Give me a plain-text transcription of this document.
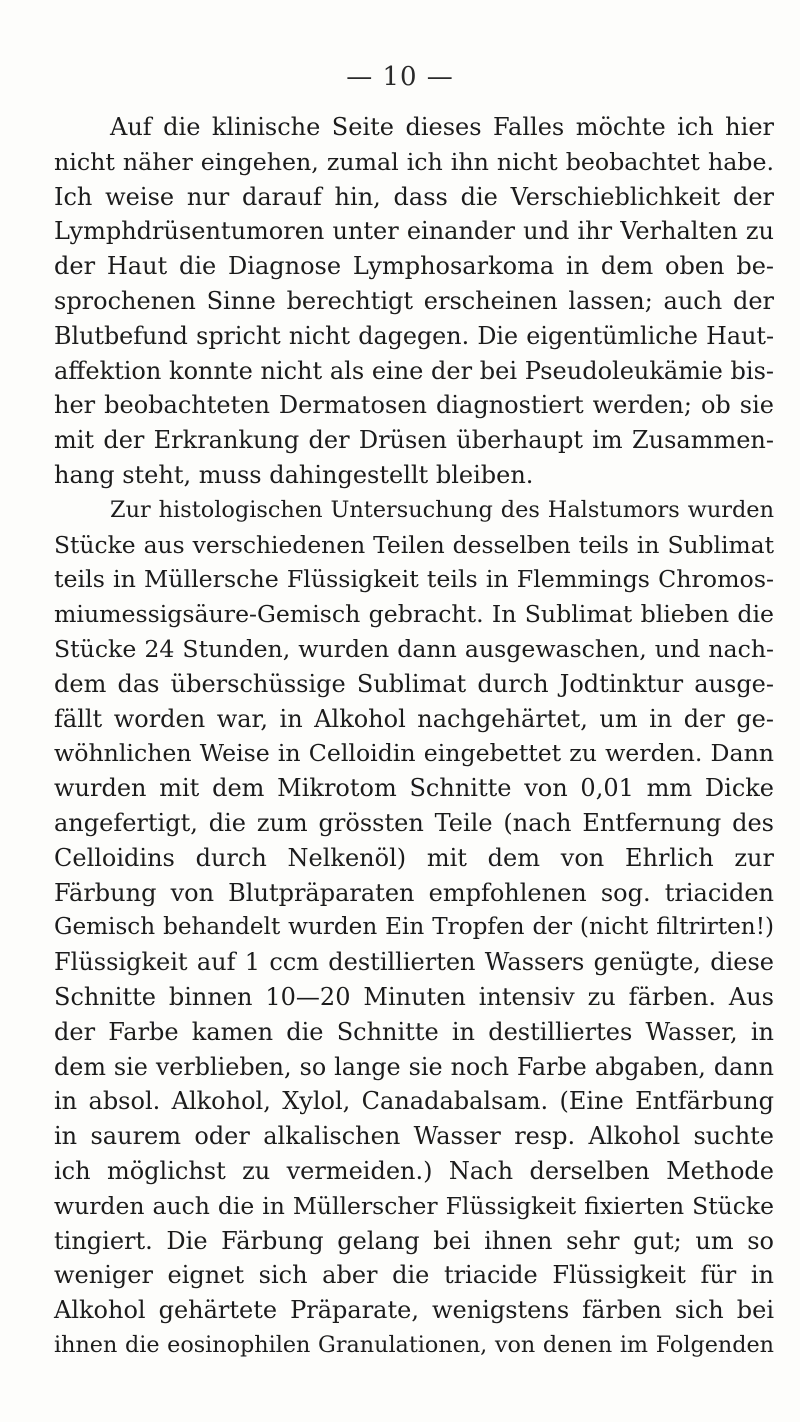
— 10 —
Auf die klinische Seite dieses Falles möchte ich hier
nicht näher eingehen, zumal ich ihn nicht beobachtet habe.
Ich weise nur darauf hin, dass die Verschieblichkeit der
Lymphdrüsentumoren unter einander und ihr Verhalten zu
der Haut die Diagnose Lymphosarkoma in dem oben be-
sprochenen Sinne berechtigt erscheinen lassen; auch der
Blutbefund spricht nicht dagegen. Die eigentümliche Haut-
affektion konnte nicht als eine der bei Pseudoleukämie bis-
her beobachteten Dermatosen diagnostiert werden; ob sie
mit der Erkrankung der Drüsen überhaupt im Zusammen-
hang steht, muss dahingestellt bleiben.
Zur histologischen Untersuchung des Halstumors wurden
Stücke aus verschiedenen Teilen desselben teils in Sublimat
teils in Müllersche Flüssigkeit teils in Flemmings Chromos-
miumessigsäure-Gemisch gebracht. In Sublimat blieben die
Stücke 24 Stunden, wurden dann ausgewaschen, und nach-
dem das überschüssige Sublimat durch Jodtinktur ausge-
fällt worden war, in Alkohol nachgehärtet, um in der ge-
wöhnlichen Weise in Celloidin eingebettet zu werden. Dann
wurden mit dem Mikrotom Schnitte von 0,01 mm Dicke
angefertigt, die zum grössten Teile (nach Entfernung des
Celloidins durch Nelkenöl) mit dem von Ehrlich zur
Färbung von Blutpräparaten empfohlenen sog. triaciden
Gemisch behandelt wurden Ein Tropfen der (nicht filtrirten!)
Flüssigkeit auf 1 ccm destillierten Wassers genügte, diese
Schnitte binnen 10—20 Minuten intensiv zu färben. Aus
der Farbe kamen die Schnitte in destilliertes Wasser, in
dem sie verblieben, so lange sie noch Farbe abgaben, dann
in absol. Alkohol, Xylol, Canadabalsam. (Eine Entfärbung
in saurem oder alkalischen Wasser resp. Alkohol suchte
ich möglichst zu vermeiden.) Nach derselben Methode
wurden auch die in Müllerscher Flüssigkeit fixierten Stücke
tingiert. Die Färbung gelang bei ihnen sehr gut; um so
weniger eignet sich aber die triacide Flüssigkeit für in
Alkohol gehärtete Präparate, wenigstens färben sich bei
ihnen die eosinophilen Granulationen, von denen im Folgenden
